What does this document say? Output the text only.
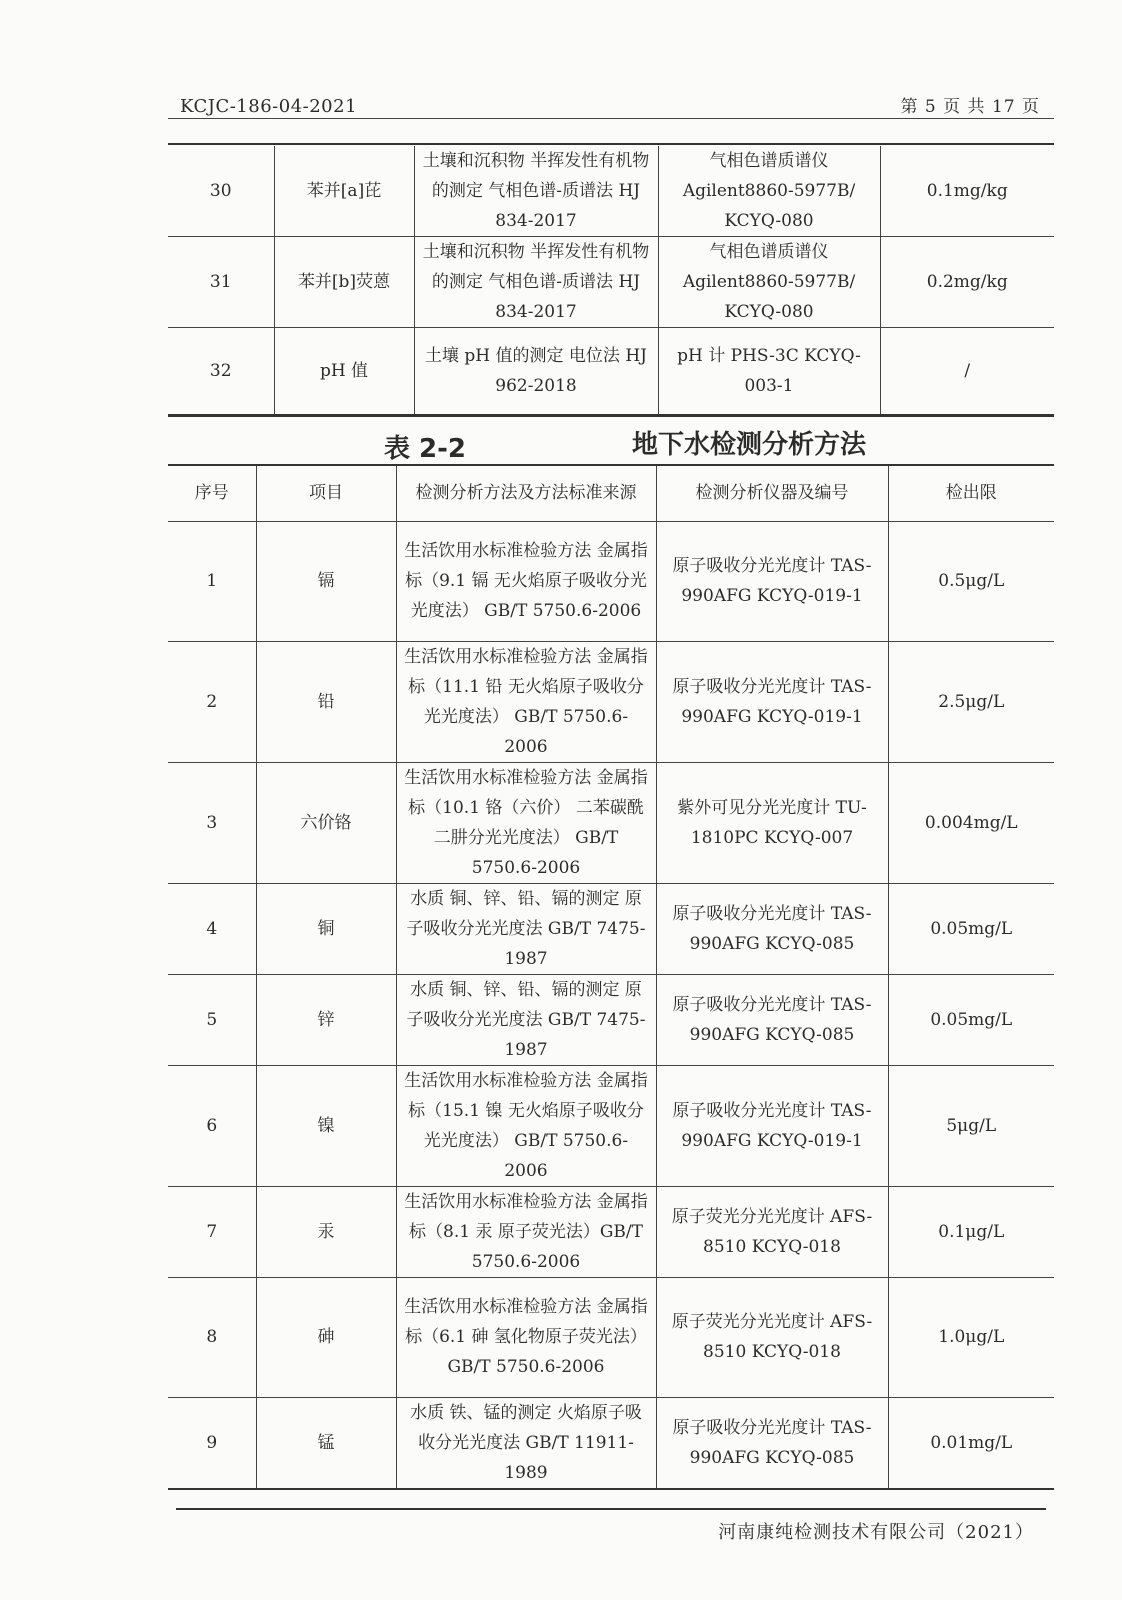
KCJC-186-04-2021	第 5 页 共 17 页
30	苯并[a]芘	土壤和沉积物 半挥发性有机物的测定 气相色谱-质谱法 HJ 834-2017	气相色谱质谱仪 Agilent8860-5977B/ KCYQ-080	0.1mg/kg
31	苯并[b]荧蒽	土壤和沉积物 半挥发性有机物的测定 气相色谱-质谱法 HJ 834-2017	气相色谱质谱仪 Agilent8860-5977B/ KCYQ-080	0.2mg/kg
32	pH 值	土壤 pH 值的测定 电位法 HJ 962-2018	pH 计 PHS-3C KCYQ-003-1	/
表 2-2	地下水检测分析方法
序号	项目	检测分析方法及方法标准来源	检测分析仪器及编号	检出限
1	镉	生活饮用水标准检验方法 金属指标（9.1 镉 无火焰原子吸收分光光度法） GB/T 5750.6-2006	原子吸收分光光度计 TAS-990AFG KCYQ-019-1	0.5μg/L
2	铅	生活饮用水标准检验方法 金属指标（11.1 铅 无火焰原子吸收分光光度法） GB/T 5750.6-2006	原子吸收分光光度计 TAS-990AFG KCYQ-019-1	2.5μg/L
3	六价铬	生活饮用水标准检验方法 金属指标（10.1 铬（六价） 二苯碳酰二肼分光光度法） GB/T 5750.6-2006	紫外可见分光光度计 TU-1810PC KCYQ-007	0.004mg/L
4	铜	水质 铜、锌、铅、镉的测定 原子吸收分光光度法 GB/T 7475-1987	原子吸收分光光度计 TAS-990AFG KCYQ-085	0.05mg/L
5	锌	水质 铜、锌、铅、镉的测定 原子吸收分光光度法 GB/T 7475-1987	原子吸收分光光度计 TAS-990AFG KCYQ-085	0.05mg/L
6	镍	生活饮用水标准检验方法 金属指标（15.1 镍 无火焰原子吸收分光光度法） GB/T 5750.6-2006	原子吸收分光光度计 TAS-990AFG KCYQ-019-1	5μg/L
7	汞	生活饮用水标准检验方法 金属指标（8.1 汞 原子荧光法）GB/T 5750.6-2006	原子荧光分光光度计 AFS-8510 KCYQ-018	0.1μg/L
8	砷	生活饮用水标准检验方法 金属指标（6.1 砷 氢化物原子荧光法） GB/T 5750.6-2006	原子荧光分光光度计 AFS-8510 KCYQ-018	1.0μg/L
9	锰	水质 铁、锰的测定 火焰原子吸收分光光度法 GB/T 11911-1989	原子吸收分光光度计 TAS-990AFG KCYQ-085	0.01mg/L
河南康纯检测技术有限公司（2021）
